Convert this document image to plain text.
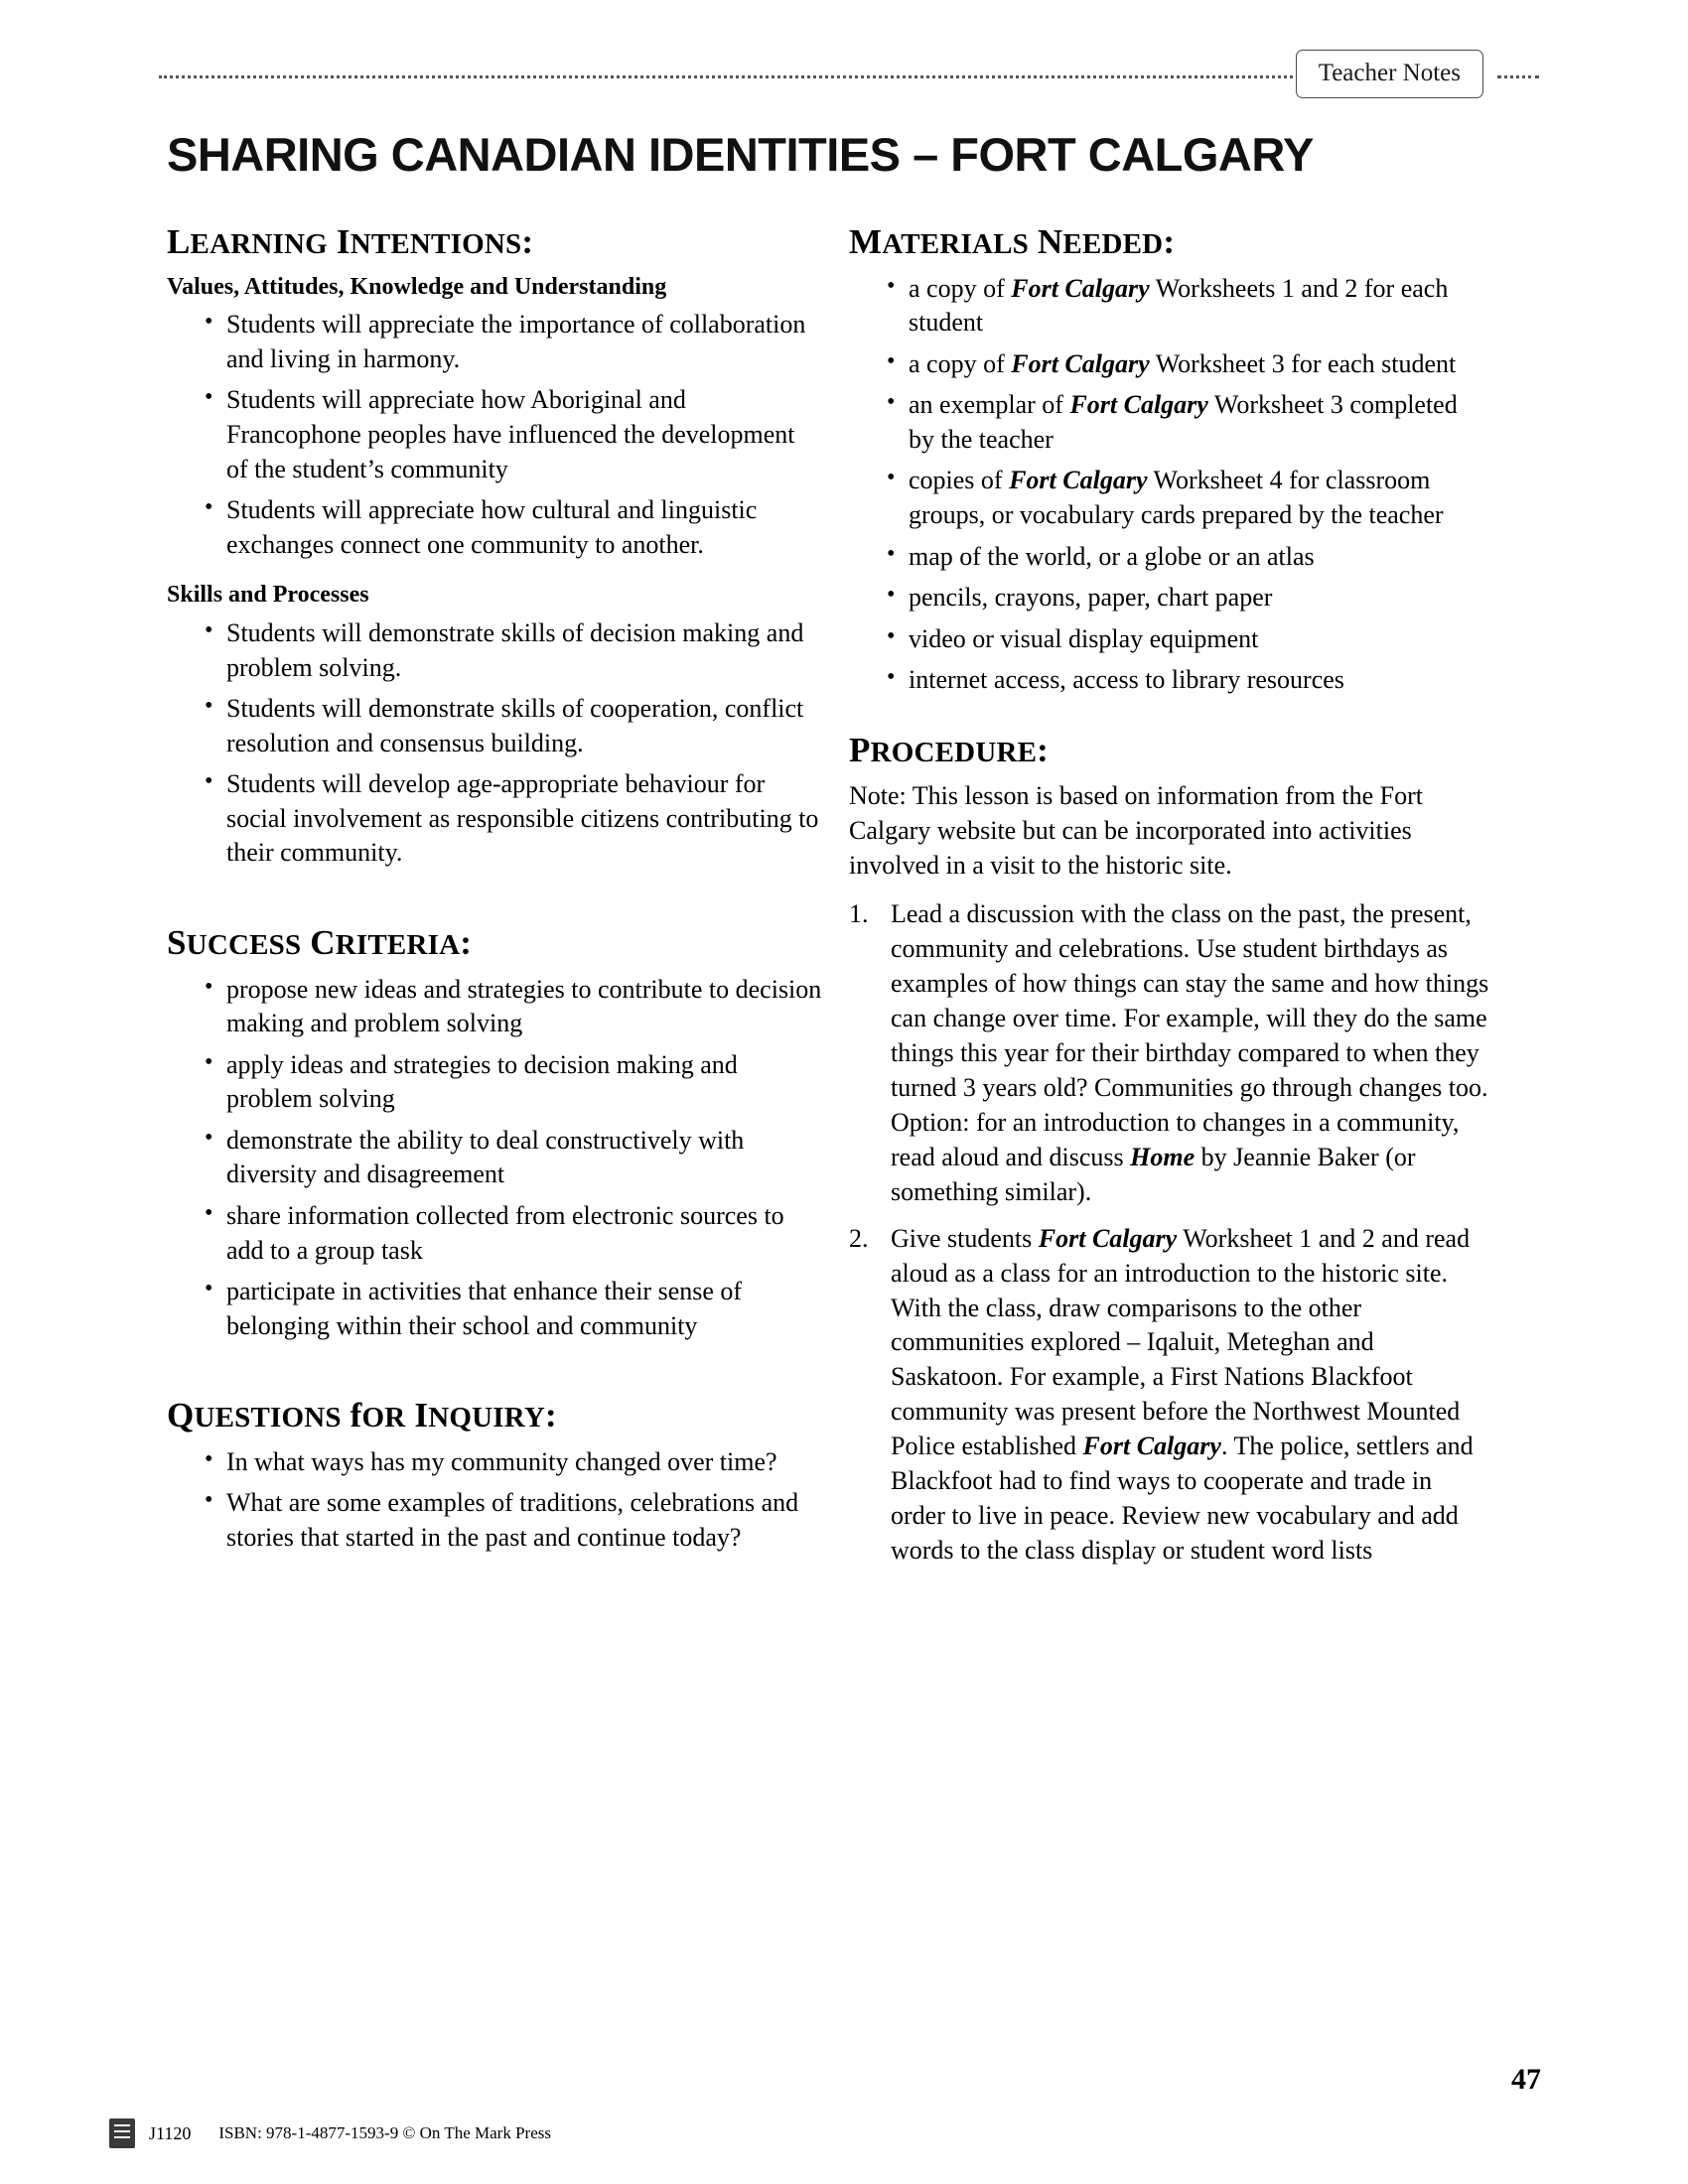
Teacher Notes
SHARING CANADIAN IDENTITIES – FORT CALGARY
LEARNING INTENTIONS:
Values, Attitudes, Knowledge and Understanding
• Students will appreciate the importance of collaboration and living in harmony.
• Students will appreciate how Aboriginal and Francophone peoples have influenced the development of the student’s community
• Students will appreciate how cultural and linguistic exchanges connect one community to another.
Skills and Processes
• Students will demonstrate skills of decision making and problem solving.
• Students will demonstrate skills of cooperation, conflict resolution and consensus building.
• Students will develop age-appropriate behaviour for social involvement as responsible citizens contributing to their community.
SUCCESS CRITERIA:
• propose new ideas and strategies to contribute to decision making and problem solving
• apply ideas and strategies to decision making and problem solving
• demonstrate the ability to deal constructively with diversity and disagreement
• share information collected from electronic sources to add to a group task
• participate in activities that enhance their sense of belonging within their school and community
QUESTIONS fOR INQUIRY:
• In what ways has my community changed over time?
• What are some examples of traditions, celebrations and stories that started in the past and continue today?
MATERIALS NEEDED:
• a copy of Fort Calgary Worksheets 1 and 2 for each student
• a copy of Fort Calgary Worksheet 3 for each student
• an exemplar of Fort Calgary Worksheet 3 completed by the teacher
• copies of Fort Calgary Worksheet 4 for classroom groups, or vocabulary cards prepared by the teacher
• map of the world, or a globe or an atlas
• pencils, crayons, paper, chart paper
• video or visual display equipment
• internet access, access to library resources
PROCEDURE:

Note: This lesson is based on information from the Fort Calgary website but can be incorporated into activities involved in a visit to the historic site.

Lead a discussion with the class on the past, the present, community and celebrations. Use student birthdays as examples of how things can stay the same and how things can change over time. For example, will they do the same things this year for their birthday compared to when they turned 3 years old? Communities go through changes too. Option: for an introduction to changes in a community, read aloud and discuss Home by Jeannie Baker (or something similar).
Give students Fort Calgary Worksheet 1 and 2 and read aloud as a class for an introduction to the historic site. With the class, draw comparisons to the other communities explored – Iqaluit, Meteghan and Saskatoon. For example, a First Nations Blackfoot community was present before the Northwest Mounted Police established Fort Calgary. The police, settlers and Blackfoot had to find ways to cooperate and trade in order to live in peace. Review new vocabulary and add words to the class display or student word lists
47
J1120 ISBN: 978-1-4877-1593-9 © On The Mark Press
